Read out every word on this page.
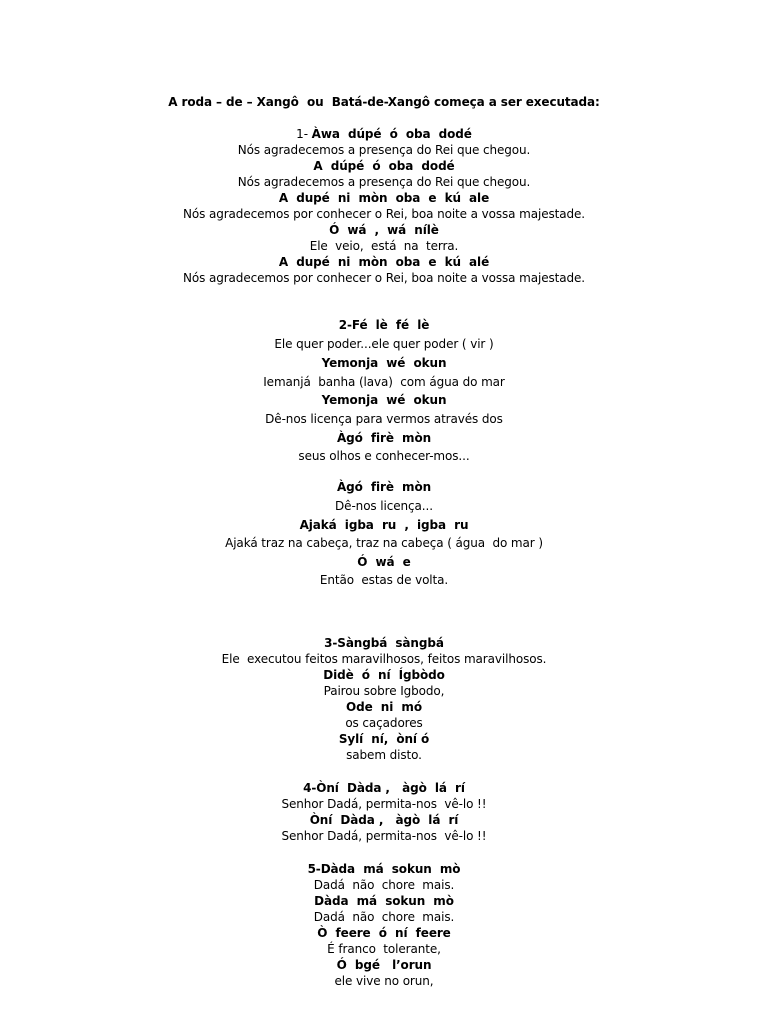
A roda – de – Xangô  ou  Batá-de-Xangô começa a ser executada:
1- Àwa  dúpé  ó  oba  dodé
Nós agradecemos a presença do Rei que chegou.
A  dúpé  ó  oba  dodé
Nós agradecemos a presença do Rei que chegou.
A  dupé  ni  mòn  oba  e  kú  ale
Nós agradecemos por conhecer o Rei, boa noite a vossa majestade.
Ó  wá  ,  wá  nílè
Ele  veio,  está  na  terra.
A  dupé  ni  mòn  oba  e  kú  alé
Nós agradecemos por conhecer o Rei, boa noite a vossa majestade.
2-Fé  lè  fé  lè
Ele quer poder...ele quer poder ( vir )
Yemonja  wé  okun
Iemanjá  banha (lava)  com água do mar
Yemonja  wé  okun
Dê-nos licença para vermos através dos
Àgó  firè  mòn
seus olhos e conhecer-mos...
Àgó  firè  mòn
Dê-nos licença...
Ajaká  igba  ru  ,  igba  ru
Ajaká traz na cabeça, traz na cabeça ( água  do mar )
Ó  wá  e
Então  estas de volta.
3-Sàngbá  sàngbá
Ele  executou feitos maravilhosos, feitos maravilhosos.
Didè  ó  ní  Ígbòdo
Pairou sobre Igbodo,
Ode  ni  mó
os caçadores
Sylí  ní,  òní ó
sabem disto.
4-Òní  Dàda ,   àgò  lá  rí
Senhor Dadá, permita-nos  vê-lo !!
Òní  Dàda ,   àgò  lá  rí
Senhor Dadá, permita-nos  vê-lo !!
5-Dàda  má  sokun  mò
Dadá  não  chore  mais.
Dàda  má  sokun  mò
Dadá  não  chore  mais.
Ò  feere  ó  ní  feere
É franco  tolerante,
Ó  bgé   l’orun
ele vive no orun,
